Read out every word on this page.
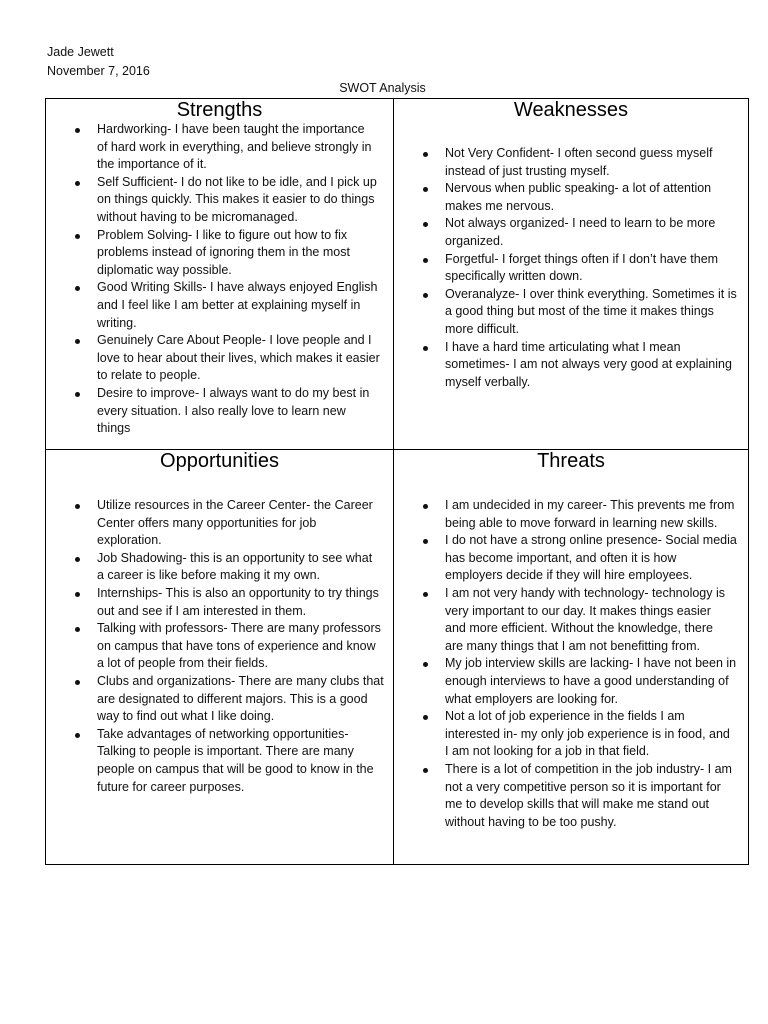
Jade Jewett
November 7, 2016
SWOT Analysis
Strengths
Hardworking- I have been taught the importance
of hard work in everything, and believe strongly in
the importance of it.
Self Sufficient- I do not like to be idle, and I pick up
on things quickly. This makes it easier to do things
without having to be micromanaged.
Problem Solving- I like to figure out how to fix
problems instead of ignoring them in the most
diplomatic way possible.
Good Writing Skills- I have always enjoyed English
and I feel like I am better at explaining myself in
writing.
Genuinely Care About People- I love people and I
love to hear about their lives, which makes it easier
to relate to people.
Desire to improve- I always want to do my best in
every situation. I also really love to learn new
things
Weaknesses
Not Very Confident- I often second guess myself
instead of just trusting myself.
Nervous when public speaking- a lot of attention
makes me nervous.
Not always organized- I need to learn to be more
organized.
Forgetful- I forget things often if I don’t have them
specifically written down.
Overanalyze- I over think everything. Sometimes it is
a good thing but most of the time it makes things
more difficult.
I have a hard time articulating what I mean
sometimes- I am not always very good at explaining
myself verbally.
Opportunities
Utilize resources in the Career Center- the Career
Center offers many opportunities for job
exploration.
Job Shadowing- this is an opportunity to see what
a career is like before making it my own.
Internships- This is also an opportunity to try things
out and see if I am interested in them.
Talking with professors- There are many professors
on campus that have tons of experience and know
a lot of people from their fields.
Clubs and organizations- There are many clubs that
are designated to different majors. This is a good
way to find out what I like doing.
Take advantages of networking opportunities-
Talking to people is important. There are many
people on campus that will be good to know in the
future for career purposes.
Threats
I am undecided in my career- This prevents me from
being able to move forward in learning new skills.
I do not have a strong online presence- Social media
has become important, and often it is how
employers decide if they will hire employees.
I am not very handy with technology- technology is
very important to our day. It makes things easier
and more efficient. Without the knowledge, there
are many things that I am not benefitting from.
My job interview skills are lacking- I have not been in
enough interviews to have a good understanding of
what employers are looking for.
Not a lot of job experience in the fields I am
interested in- my only job experience is in food, and
I am not looking for a job in that field.
There is a lot of competition in the job industry- I am
not a very competitive person so it is important for
me to develop skills that will make me stand out
without having to be too pushy.
